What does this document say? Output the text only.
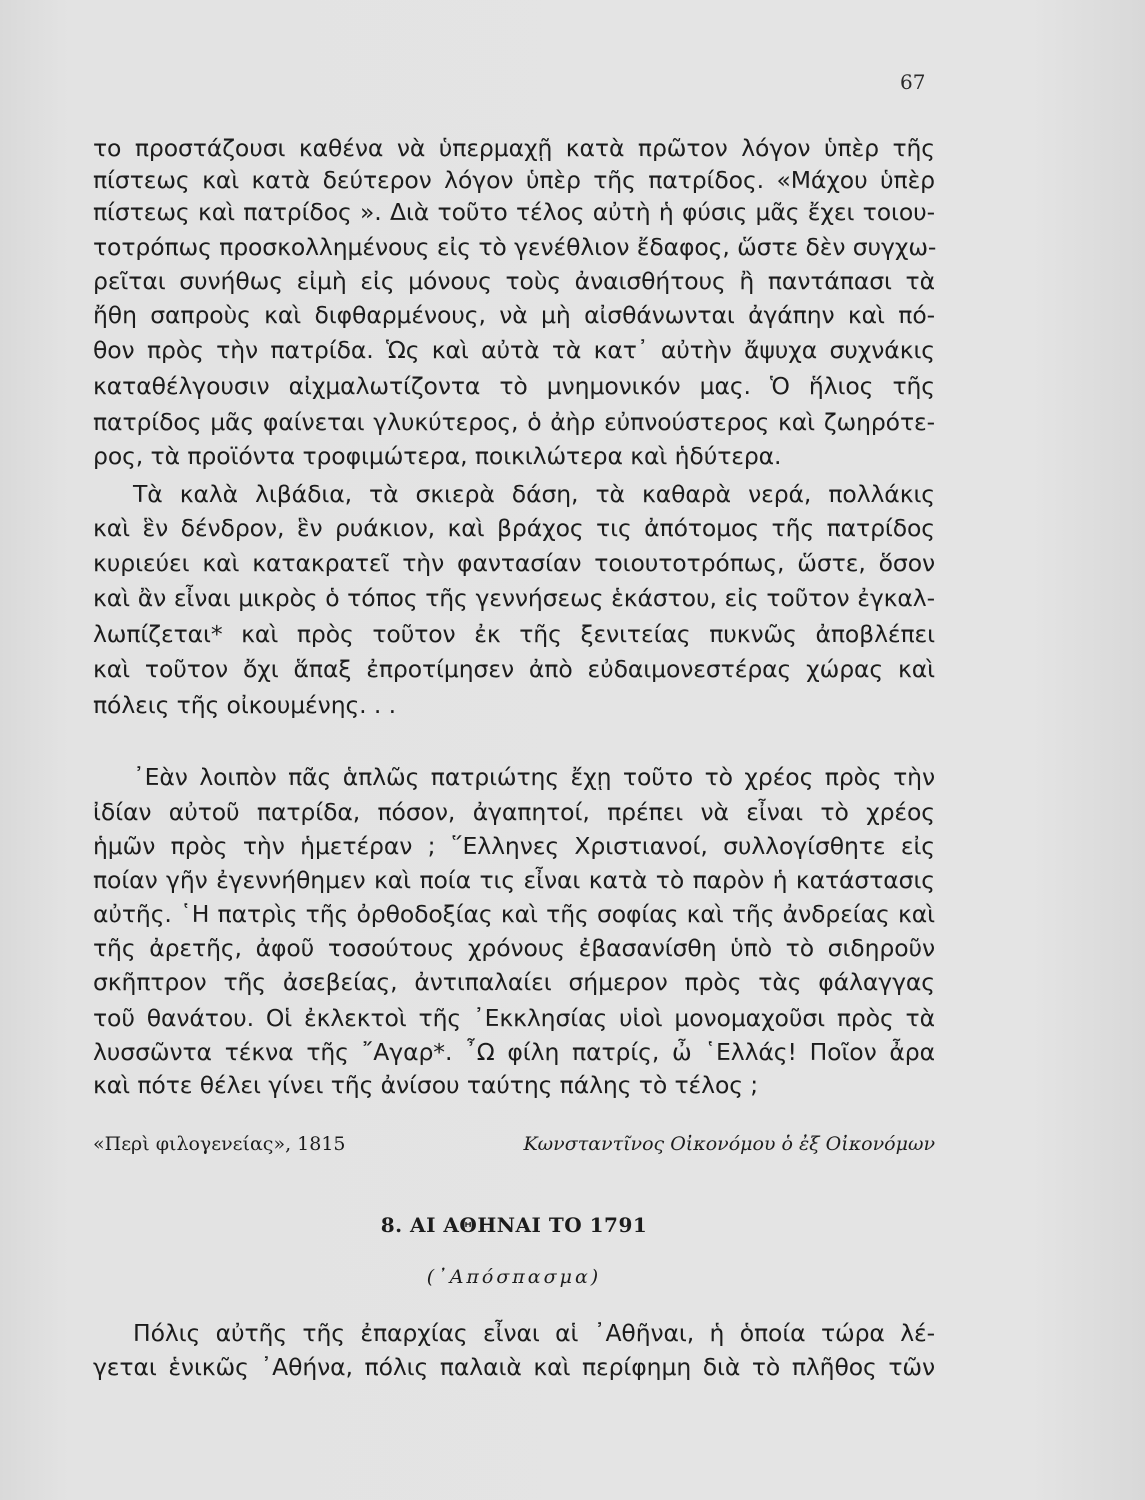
67
το προστάζουσι καθένα νὰ ὑπερμαχῇ κατὰ πρῶτον λόγον ὑπὲρ τῆς
πίστεως καὶ κατὰ δεύτερον λόγον ὑπὲρ τῆς πατρίδος. «Μάχου ὑπὲρ
πίστεως καὶ πατρίδος ». Διὰ τοῦτο τέλος αὐτὴ ἡ φύσις μᾶς ἔχει τοιου-
τοτρόπως προσκολλημένους εἰς τὸ γενέθλιον ἔδαφος, ὥστε δὲν συγχω-
ρεῖται συνήθως εἰμὴ εἰς μόνους τοὺς ἀναισθήτους ἢ παντάπασι τὰ
ἤθη σαπροὺς καὶ διφθαρμένους, νὰ μὴ αἰσθάνωνται ἀγάπην καὶ πό-
θον πρὸς τὴν πατρίδα. Ὡς καὶ αὐτὰ τὰ κατ᾿ αὐτὴν ἄψυχα συχνάκις
καταθέλγουσιν αἰχμαλωτίζοντα τὸ μνημονικόν μας. Ὁ ἥλιος τῆς
πατρίδος μᾶς φαίνεται γλυκύτερος, ὁ ἀὴρ εὐπνούστερος καὶ ζωηρότε-
ρος, τὰ προϊόντα τροφιμώτερα, ποικιλώτερα καὶ ἡδύτερα.
Τὰ καλὰ λιβάδια, τὰ σκιερὰ δάση, τὰ καθαρὰ νερά, πολλάκις
καὶ ἓν δένδρον, ἓν ρυάκιον, καὶ βράχος τις ἀπότομος τῆς πατρίδος
κυριεύει καὶ κατακρατεῖ τὴν φαντασίαν τοιουτοτρόπως, ὥστε, ὅσον
καὶ ἂν εἶναι μικρὸς ὁ τόπος τῆς γεννήσεως ἑκάστου, εἰς τοῦτον ἐγκαλ-
λωπίζεται* καὶ πρὸς τοῦτον ἐκ τῆς ξενιτείας πυκνῶς ἀποβλέπει
καὶ τοῦτον ὄχι ἅπαξ ἐπροτίμησεν ἀπὸ εὐδαιμονεστέρας χώρας καὶ
πόλεις τῆς οἰκουμένης. . .
᾿Εὰν λοιπὸν πᾶς ἁπλῶς πατριώτης ἔχῃ τοῦτο τὸ χρέος πρὸς τὴν
ἰδίαν αὐτοῦ πατρίδα, πόσον, ἀγαπητοί, πρέπει νὰ εἶναι τὸ χρέος
ἡμῶν πρὸς τὴν ἡμετέραν ; ῞Ελληνες Χριστιανοί, συλλογίσθητε εἰς
ποίαν γῆν ἐγεννήθημεν καὶ ποία τις εἶναι κατὰ τὸ παρὸν ἡ κατάστασις
αὐτῆς. ῾Η πατρὶς τῆς ὀρθοδοξίας καὶ τῆς σοφίας καὶ τῆς ἀνδρείας καὶ
τῆς ἀρετῆς, ἀφοῦ τοσούτους χρόνους ἐβασανίσθη ὑπὸ τὸ σιδηροῦν
σκῆπτρον τῆς ἀσεβείας, ἀντιπαλαίει σήμερον πρὸς τὰς φάλαγγας
τοῦ θανάτου. Οἱ ἐκλεκτοὶ τῆς ᾿Εκκλησίας υἱοὶ μονομαχοῦσι πρὸς τὰ
λυσσῶντα τέκνα τῆς ῎Αγαρ*. ῏Ω φίλη πατρίς, ὦ ῾Ελλάς! Ποῖον ἆρα
καὶ πότε θέλει γίνει τῆς ἀνίσου ταύτης πάλης τὸ τέλος ;
«Περὶ φιλογενείας», 1815	Κωνσταντῖνος Οἰκονόμου ὁ ἐξ Οἰκονόμων
8. ΑΙ ΑΘΗΝΑΙ ΤΟ 1791
(᾿Απόσπασμα)
Πόλις αὐτῆς τῆς ἐπαρχίας εἶναι αἱ ᾿Αθῆναι, ἡ ὁποία τώρα λέ-
γεται ἑνικῶς ᾿Αθήνα, πόλις παλαιὰ καὶ περίφημη διὰ τὸ πλῆθος τῶν
